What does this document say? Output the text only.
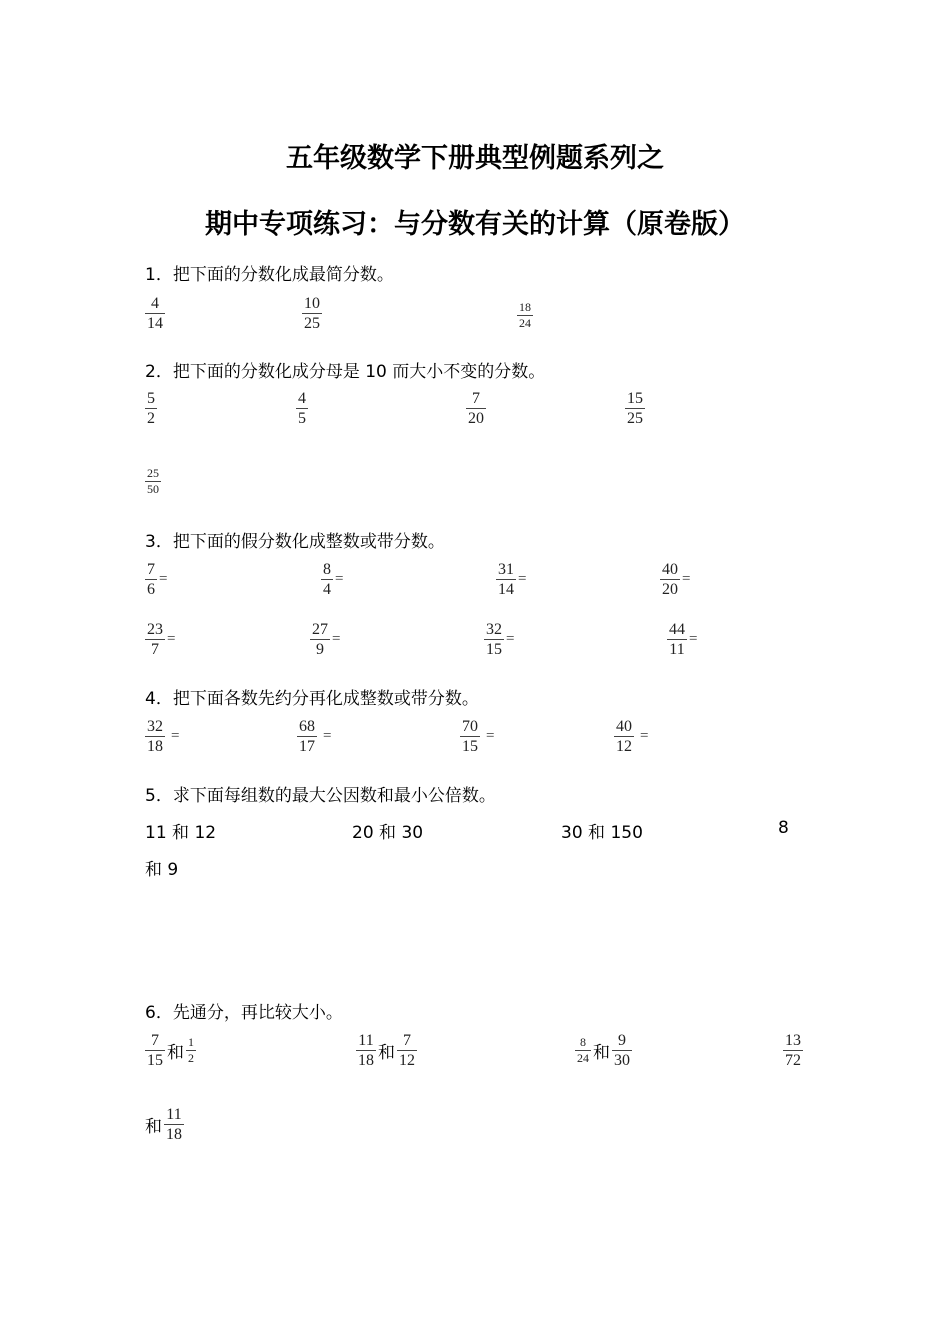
五年级数学下册典型例题系列之
期中专项练习：与分数有关的计算（原卷版）
1．把下面的分数化成最简分数。
$\frac{4}{14}$	$\frac{10}{25}$	$\frac{18}{24}$
2．把下面的分数化成分母是 10 而大小不变的分数。
$\frac{5}{2}$	$\frac{4}{5}$	$\frac{7}{20}$	$\frac{15}{25}$
$\frac{25}{50}$
3．把下面的假分数化成整数或带分数。
$\frac{7}{6}$ =	$\frac{8}{4}$ =	$\frac{31}{14}$ =	$\frac{40}{20}$ =
$\frac{23}{7}$ =	$\frac{27}{9}$ =	$\frac{32}{15}$ =	$\frac{44}{11}$ =
4．把下面各数先约分再化成整数或带分数。
$\frac{32}{18}$ =	$\frac{68}{17}$ =	$\frac{70}{15}$ =	$\frac{40}{12}$ =
5．求下面每组数的最大公因数和最小公倍数。
11 和 12	20 和 30	30 和 150	8
和 9
6．先通分，再比较大小。
$\frac{7}{15}$ 和 $\frac{1}{2}$	$\frac{11}{18}$ 和 $\frac{7}{12}$	$\frac{8}{24}$ 和 $\frac{9}{30}$	$\frac{13}{72}$
和 $\frac{11}{18}$
